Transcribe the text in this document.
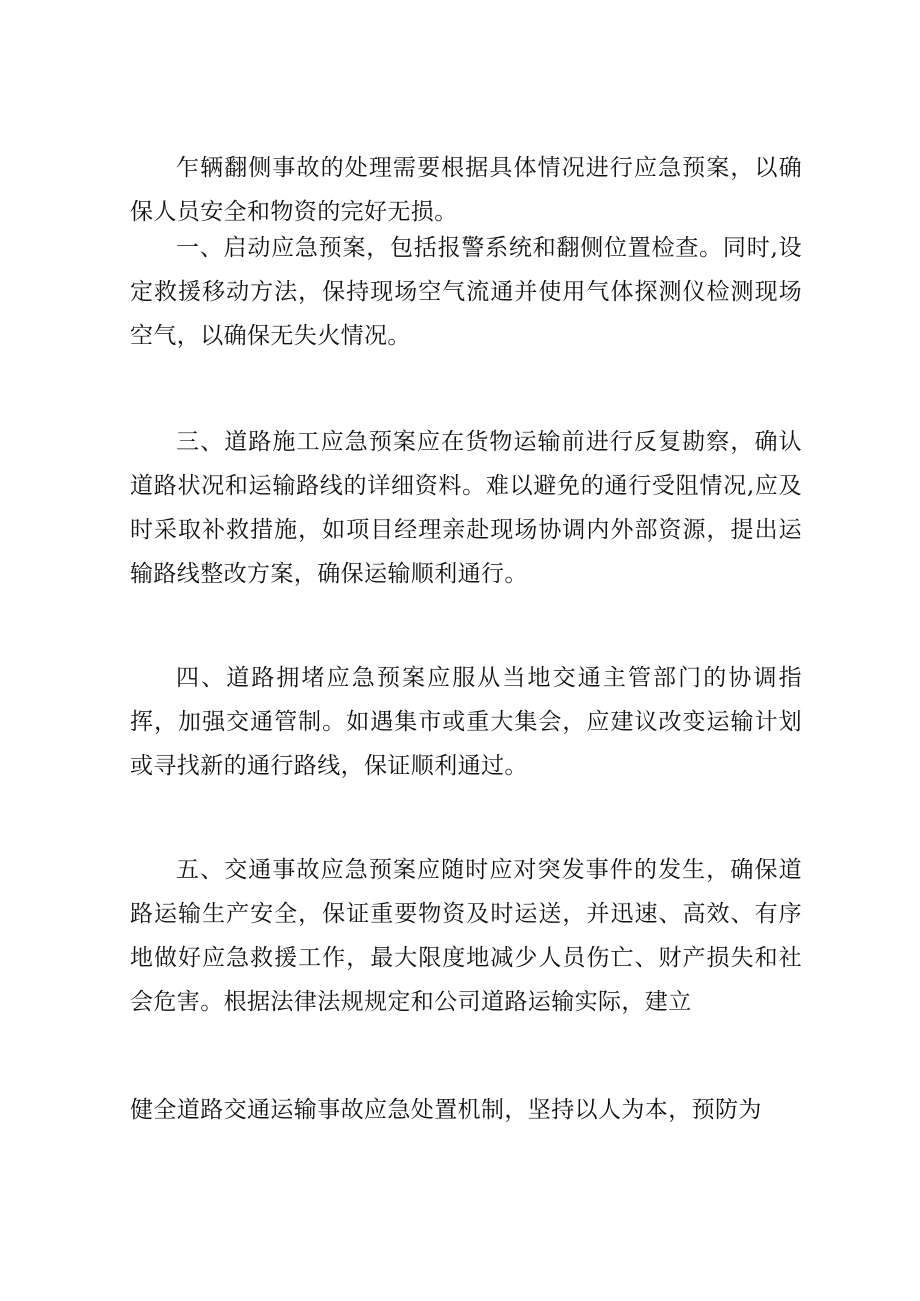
乍辆翻侧事故的处理需要根据具体情况进行应急预案，以确保人员安全和物资的完好无损。

一、启动应急预案，包括报警系统和翻侧位置检查。同时,设定救援移动方法，保持现场空气流通并使用气体探测仪检测现场空气，以确保无失火情况。

三、道路施工应急预案应在货物运输前进行反复勘察，确认道路状况和运输路线的详细资料。难以避免的通行受阻情况,应及时采取补救措施，如项目经理亲赴现场协调内外部资源，提出运输路线整改方案，确保运输顺利通行。

四、道路拥堵应急预案应服从当地交通主管部门的协调指挥，加强交通管制。如遇集市或重大集会，应建议改变运输计划或寻找新的通行路线，保证顺利通过。

五、交通事故应急预案应随时应对突发事件的发生，确保道路运输生产安全，保证重要物资及时运送，并迅速、高效、有序地做好应急救援工作，最大限度地减少人员伤亡、财产损失和社会危害。根据法律法规规定和公司道路运输实际，建立

健全道路交通运输事故应急处置机制，坚持以人为本，预防为
